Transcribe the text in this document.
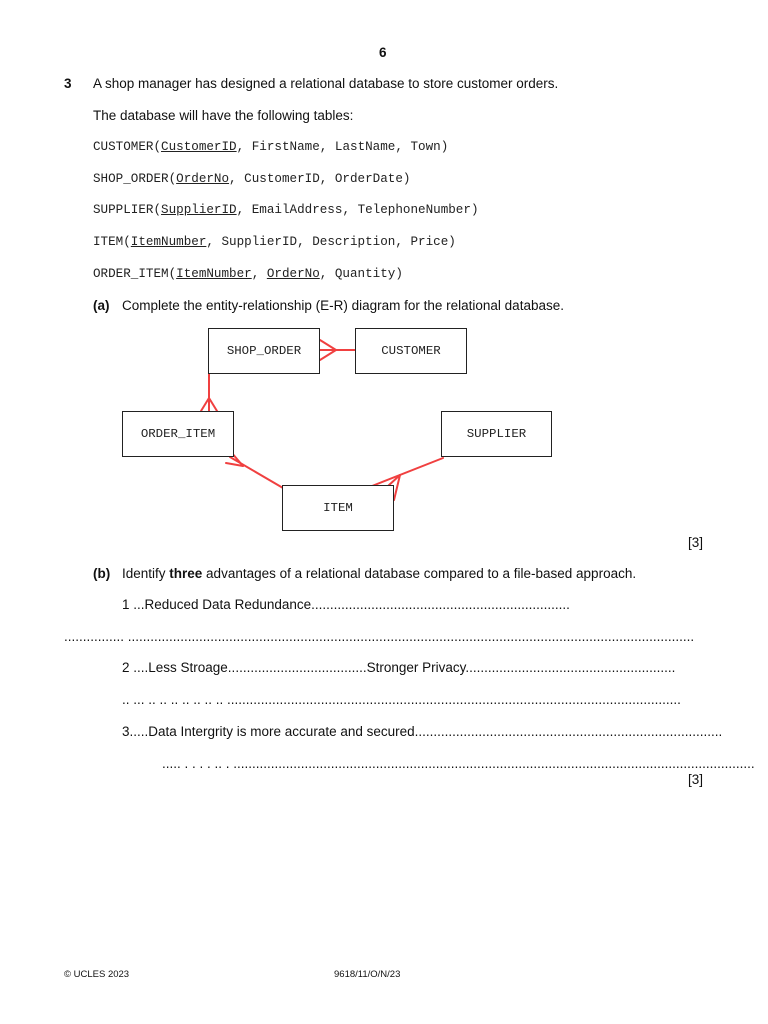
6
3 A shop manager has designed a relational database to store customer orders.
The database will have the following tables:
CUSTOMER(CustomerID, FirstName, LastName, Town)
SHOP_ORDER(OrderNo, CustomerID, OrderDate)
SUPPLIER(SupplierID, EmailAddress, TelephoneNumber)
ITEM(ItemNumber, SupplierID, Description, Price)
ORDER_ITEM(ItemNumber, OrderNo, Quantity)
(a) Complete the entity-relationship (E-R) diagram for the relational database.
SHOP_ORDER	CUSTOMER
ORDER_ITEM	SUPPLIER
ITEM
[3]
(b) Identify three advantages of a relational database compared to a file-based approach.
1 ...Reduced Data Redundance.....................................................................
................ .......................................................................................................................................................
2 ....Less Stroage.....................................Stronger Privacy........................................................
.. ... .. .. .. .. .. .. .. .........................................................................................................................
3.....Data Intergrity is more accurate and secured..................................................................................
..... . . . . .. . ...........................................................................................................................................
[3]
© UCLES 2023	9618/11/O/N/23
